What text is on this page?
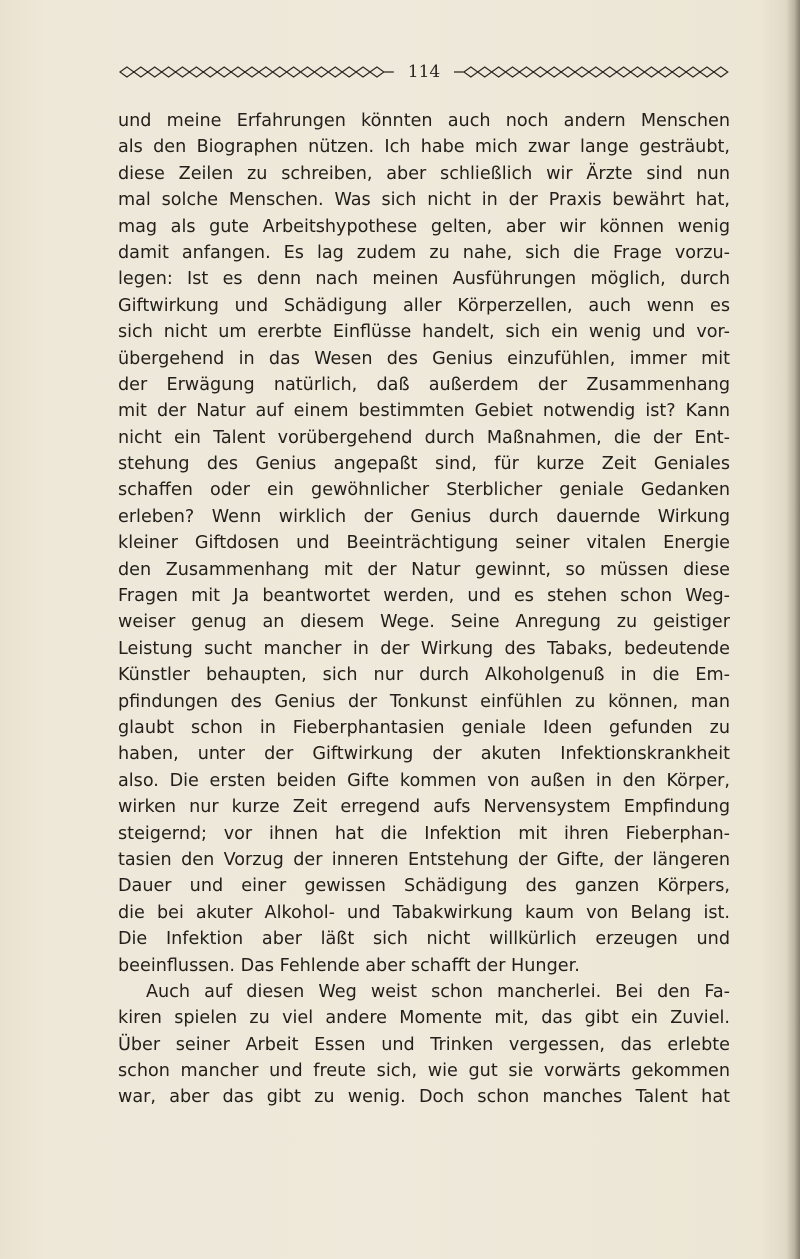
114
und meine Erfahrungen könnten auch noch andern Menschen
als den Biographen nützen. Ich habe mich zwar lange gesträubt,
diese Zeilen zu schreiben, aber schließlich wir Ärzte sind nun
mal solche Menschen. Was sich nicht in der Praxis bewährt hat,
mag als gute Arbeitshypothese gelten, aber wir können wenig
damit anfangen. Es lag zudem zu nahe, sich die Frage vorzu-
legen: Ist es denn nach meinen Ausführungen möglich, durch
Giftwirkung und Schädigung aller Körperzellen, auch wenn es
sich nicht um ererbte Einflüsse handelt, sich ein wenig und vor-
übergehend in das Wesen des Genius einzufühlen, immer mit
der Erwägung natürlich, daß außerdem der Zusammenhang
mit der Natur auf einem bestimmten Gebiet notwendig ist? Kann
nicht ein Talent vorübergehend durch Maßnahmen, die der Ent-
stehung des Genius angepaßt sind, für kurze Zeit Geniales
schaffen oder ein gewöhnlicher Sterblicher geniale Gedanken
erleben? Wenn wirklich der Genius durch dauernde Wirkung
kleiner Giftdosen und Beeinträchtigung seiner vitalen Energie
den Zusammenhang mit der Natur gewinnt, so müssen diese
Fragen mit Ja beantwortet werden, und es stehen schon Weg-
weiser genug an diesem Wege. Seine Anregung zu geistiger
Leistung sucht mancher in der Wirkung des Tabaks, bedeutende
Künstler behaupten, sich nur durch Alkoholgenuß in die Em-
pfindungen des Genius der Tonkunst einfühlen zu können, man
glaubt schon in Fieberphantasien geniale Ideen gefunden zu
haben, unter der Giftwirkung der akuten Infektionskrankheit
also. Die ersten beiden Gifte kommen von außen in den Körper,
wirken nur kurze Zeit erregend aufs Nervensystem Empfindung
steigernd; vor ihnen hat die Infektion mit ihren Fieberphan-
tasien den Vorzug der inneren Entstehung der Gifte, der längeren
Dauer und einer gewissen Schädigung des ganzen Körpers,
die bei akuter Alkohol- und Tabakwirkung kaum von Belang ist.
Die Infektion aber läßt sich nicht willkürlich erzeugen und
beeinflussen. Das Fehlende aber schafft der Hunger.
Auch auf diesen Weg weist schon mancherlei. Bei den Fa-
kiren spielen zu viel andere Momente mit, das gibt ein Zuviel.
Über seiner Arbeit Essen und Trinken vergessen, das erlebte
schon mancher und freute sich, wie gut sie vorwärts gekommen
war, aber das gibt zu wenig. Doch schon manches Talent hat
